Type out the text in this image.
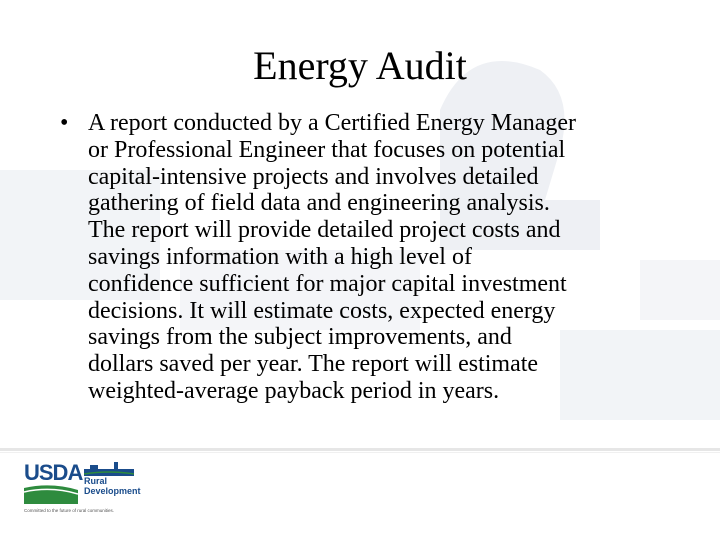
Energy Audit
• A report conducted by a Certified Energy Manager
or Professional Engineer that focuses on potential
capital-intensive projects and involves detailed
gathering of field data and engineering analysis.
The report will provide detailed project costs and
savings information with a high level of
confidence sufficient for major capital investment
decisions. It will estimate costs, expected energy
savings from the subject improvements, and
dollars saved per year. The report will estimate
weighted-average payback period in years.
USDA Rural
Development
Committed to the future of rural communities.
